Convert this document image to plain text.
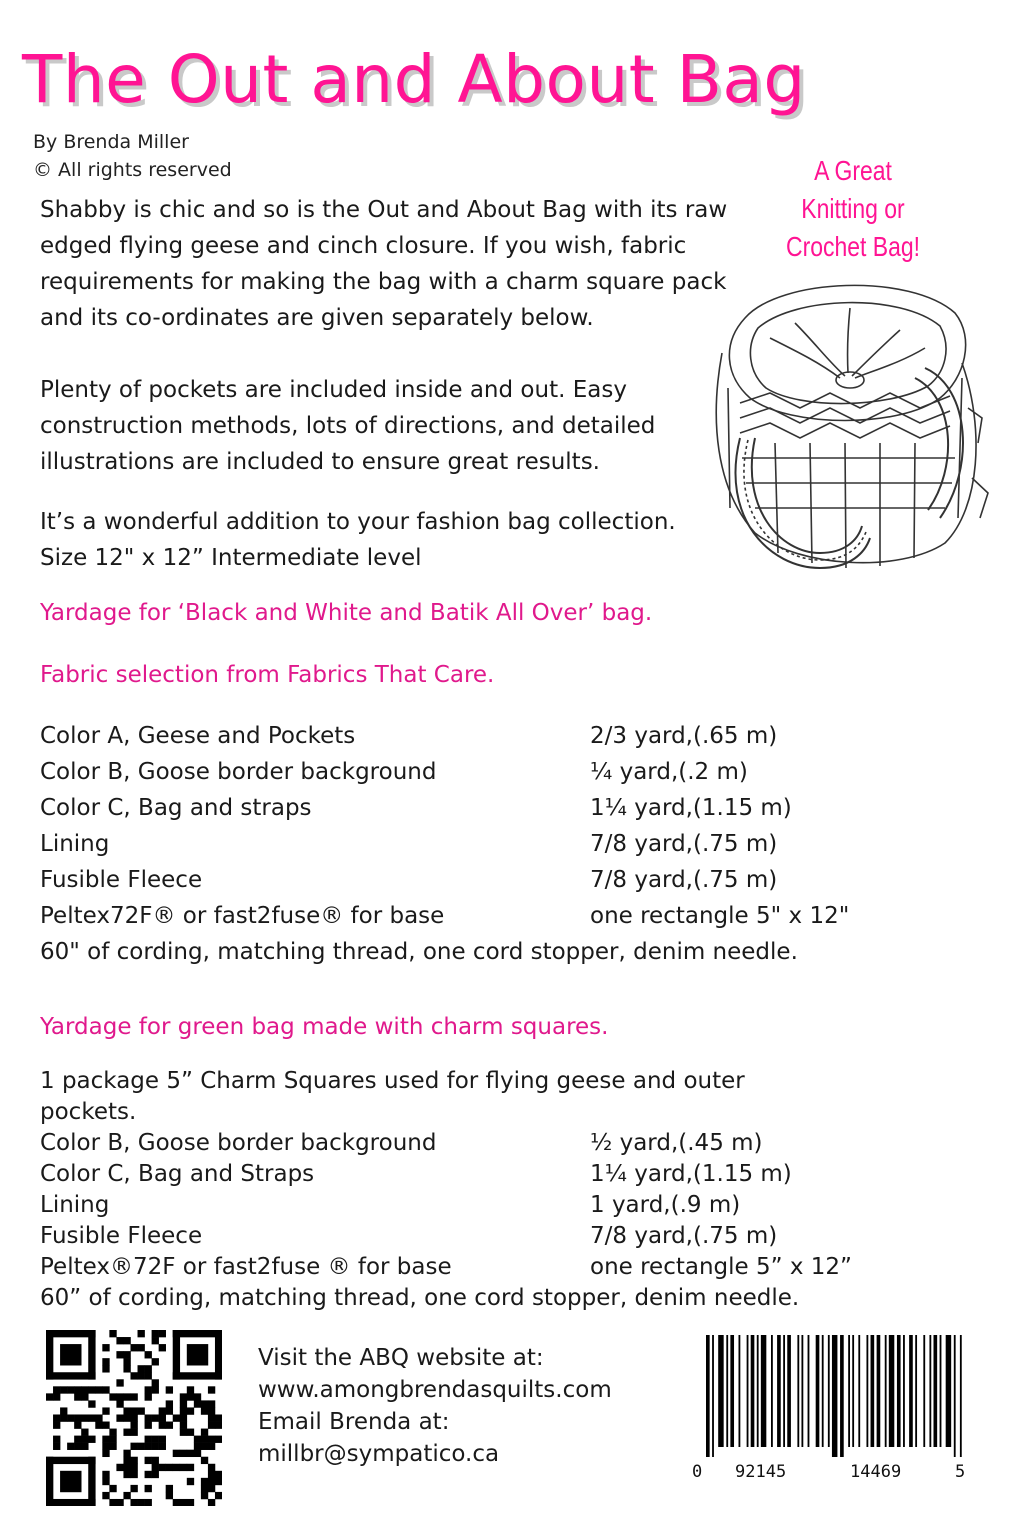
The Out and About Bag
By Brenda Miller
© All rights reserved	A Great
Knitting or
Crochet Bag!
Shabby is chic and so is the Out and About Bag with its raw edged flying geese and cinch closure. If you wish, fabric requirements for making the bag with a charm square pack and its co-ordinates are given separately below.
Plenty of pockets are included inside and out. Easy construction methods, lots of directions, and detailed illustrations are included to ensure great results.
It’s a wonderful addition to your fashion bag collection.
Size 12" x 12” Intermediate level
Yardage for ‘Black and White and Batik All Over’ bag.
Fabric selection from Fabrics That Care.
Color A, Geese and Pockets	2/3 yard,(.65 m)
Color B, Goose border background	¼ yard,(.2 m)
Color C, Bag and straps	1¼ yard,(1.15 m)
Lining	7/8 yard,(.75 m)
Fusible Fleece	7/8 yard,(.75 m)
Peltex72F® or fast2fuse® for base	one rectangle 5" x 12"
60" of cording, matching thread, one cord stopper, denim needle.
Yardage for green bag made with charm squares.
1 package 5” Charm Squares used for flying geese and outer pockets.
Color B, Goose border background	½ yard,(.45 m)
Color C, Bag and Straps	1¼ yard,(1.15 m)
Lining	1 yard,(.9 m)
Fusible Fleece	7/8 yard,(.75 m)
Peltex®72F or fast2fuse ® for base	one rectangle 5” x 12”
60” of cording, matching thread, one cord stopper, denim needle.
Visit the ABQ website at:
www.amongbrendasquilts.com
Email Brenda at:
millbr@sympatico.ca
0 92145	14469	5
